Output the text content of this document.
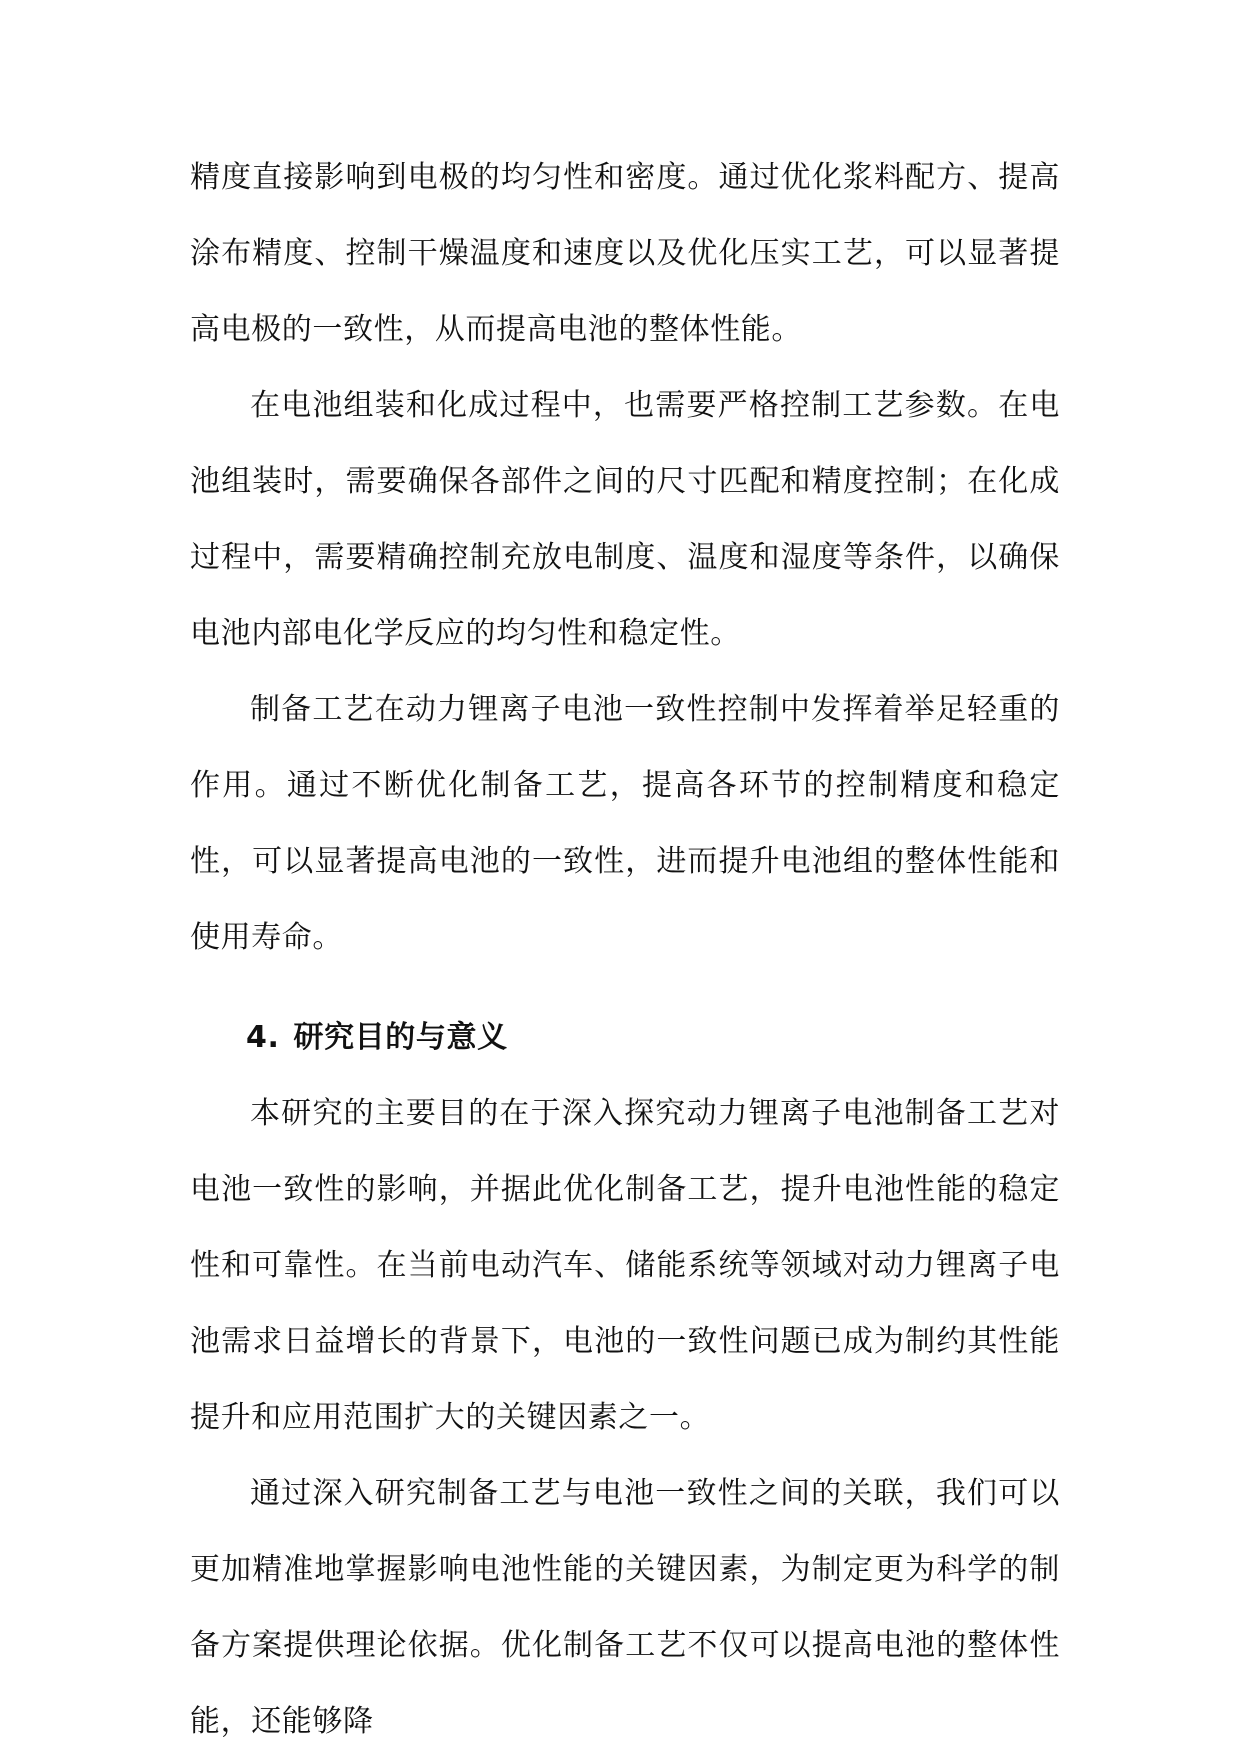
精度直接影响到电极的均匀性和密度。通过优化浆料配方、提高涂布精度、控制干燥温度和速度以及优化压实工艺，可以显著提高电极的一致性，从而提高电池的整体性能。

在电池组装和化成过程中，也需要严格控制工艺参数。在电池组装时，需要确保各部件之间的尺寸匹配和精度控制；在化成过程中，需要精确控制充放电制度、温度和湿度等条件，以确保电池内部电化学反应的均匀性和稳定性。

制备工艺在动力锂离子电池一致性控制中发挥着举足轻重的作用。通过不断优化制备工艺，提高各环节的控制精度和稳定性，可以显著提高电池的一致性，进而提升电池组的整体性能和使用寿命。

4. 研究目的与意义

本研究的主要目的在于深入探究动力锂离子电池制备工艺对电池一致性的影响，并据此优化制备工艺，提升电池性能的稳定性和可靠性。在当前电动汽车、储能系统等领域对动力锂离子电池需求日益增长的背景下，电池的一致性问题已成为制约其性能提升和应用范围扩大的关键因素之一。

通过深入研究制备工艺与电池一致性之间的关联，我们可以更加精准地掌握影响电池性能的关键因素，为制定更为科学的制备方案提供理论依据。优化制备工艺不仅可以提高电池的整体性能，还能够降
